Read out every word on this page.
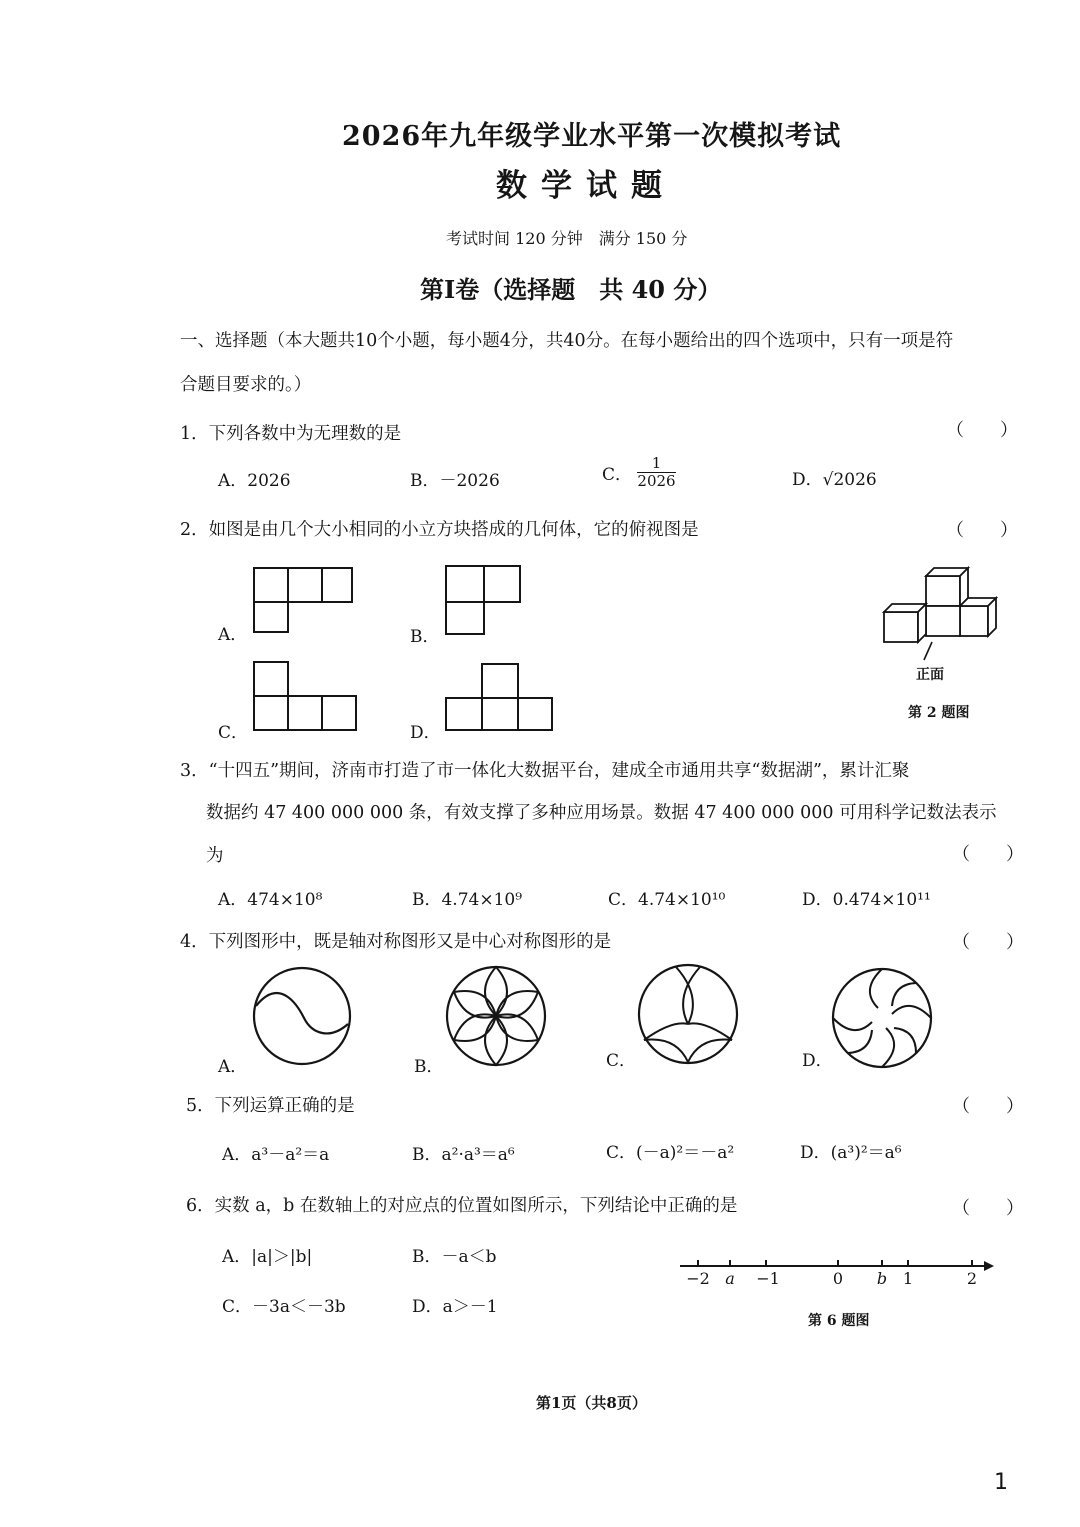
2026年九年级学业水平第一次模拟考试
数学试题
考试时间 120 分钟　满分 150 分
第Ⅰ卷（选择题　共 40 分）
一、选择题（本大题共10个小题，每小题4分，共40分。在每小题给出的四个选项中，只有一项是符
合题目要求的。）
1．下列各数中为无理数的是	（　　）
A．2026	B．－2026	C． $\frac{1}{2026}$	D．√2026
2．如图是由几个大小相同的小立方块搭成的几何体，它的俯视图是	（　　）
A．	B．
C．	D．
正面
第 2 题图
3．“十四五”期间，济南市打造了市一体化大数据平台，建成全市通用共享“数据湖”，累计汇聚
数据约 47 400 000 000 条，有效支撑了多种应用场景。数据 47 400 000 000 可用科学记数法表示
为	（　　）
A．474×10⁸	B．4.74×10⁹	C．4.74×10¹⁰	D．0.474×10¹¹
4．下列图形中，既是轴对称图形又是中心对称图形的是	（　　）
A．	B．	C．	D．
5．下列运算正确的是	（　　）
A．a³－a²＝a	B．a²·a³＝a⁶	C．(－a)²＝－a²	D．(a³)²＝a⁶
6．实数 a，b 在数轴上的对应点的位置如图所示，下列结论中正确的是	（　　）
A．|a|＞|b|	B．－a＜b
C．－3a＜－3b	D．a＞－1
−2 a −1	0 b 1	2
第 6 题图
第1页（共8页）
1
